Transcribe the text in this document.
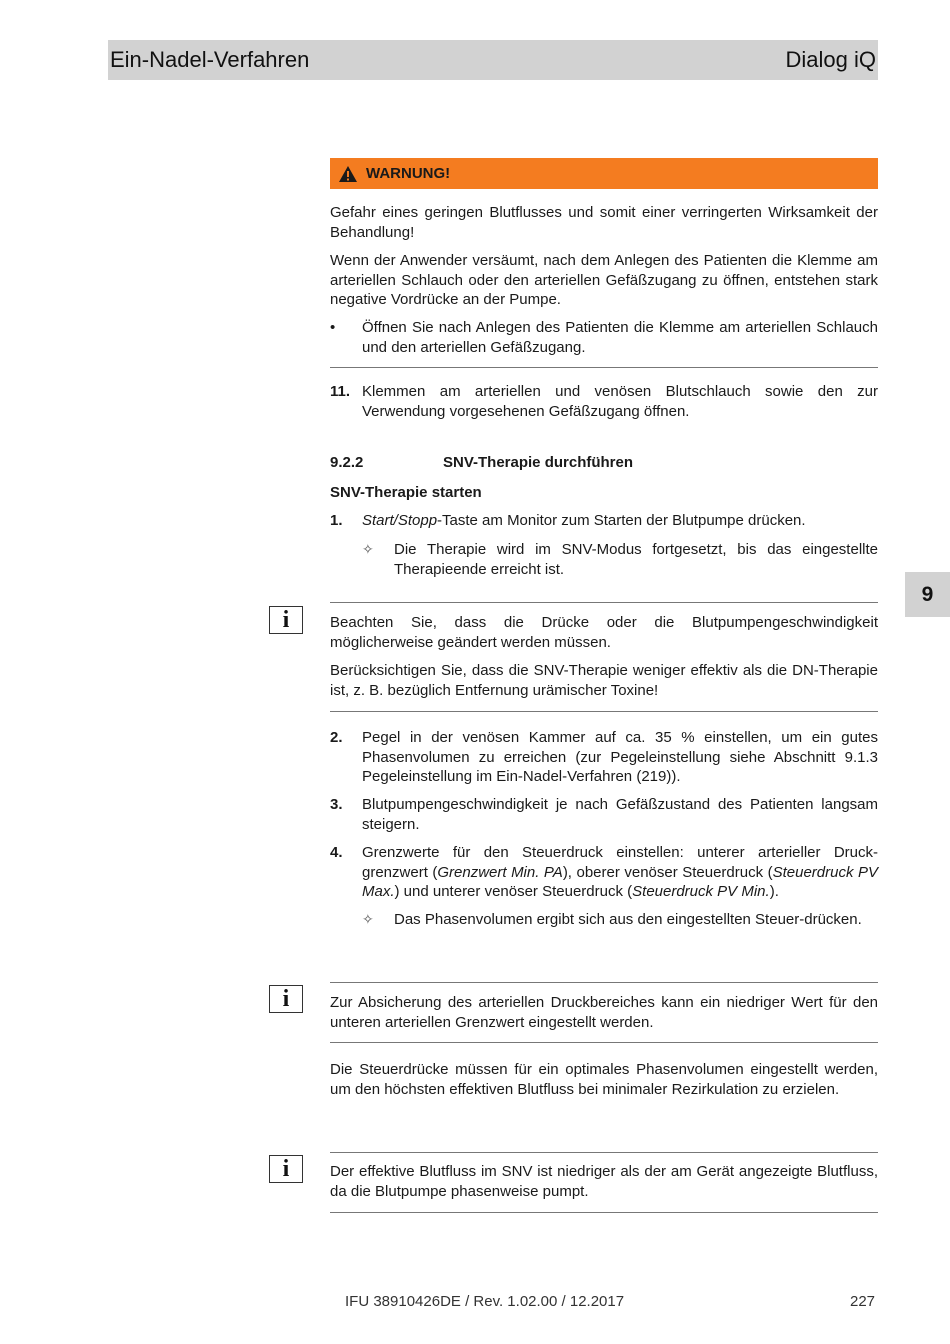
Ein-Nadel-Verfahren	Dialog iQ
9
WARNUNG!

Gefahr eines geringen Blutflusses und somit einer verringerten Wirksamkeit der Behandlung!

Wenn der Anwender versäumt, nach dem Anlegen des Patienten die Klemme am arteriellen Schlauch oder den arteriellen Gefäßzugang zu öffnen, entstehen stark negative Vordrücke an der Pumpe.

• Öffnen Sie nach Anlegen des Patienten die Klemme am arteriellen Schlauch und den arteriellen Gefäßzugang.

11. Klemmen am arteriellen und venösen Blutschlauch sowie den zur Verwendung vorgesehenen Gefäßzugang öffnen.

9.2.2	SNV-Therapie durchführen
SNV-Therapie starten
1. Start/Stopp-Taste am Monitor zum Starten der Blutpumpe drücken.

✧ Die Therapie wird im SNV-Modus fortgesetzt, bis das eingestellte Therapieende erreicht ist.

i	Beachten Sie, dass die Drücke oder die Blutpumpengeschwindigkeit möglicherweise geändert werden müssen.

Berücksichtigen Sie, dass die SNV-Therapie weniger effektiv als die DN-Therapie ist, z. B. bezüglich Entfernung urämischer Toxine!

2. Pegel in der venösen Kammer auf ca. 35 % einstellen, um ein gutes Phasenvolumen zu erreichen (zur Pegeleinstellung siehe Abschnitt 9.1.3 Pegeleinstellung im Ein-Nadel-Verfahren (219)).

3. Blutpumpengeschwindigkeit je nach Gefäßzustand des Patienten langsam steigern.

4. Grenzwerte für den Steuerdruck einstellen: unterer arterieller Druck-grenzwert (Grenzwert Min. PA), oberer venöser Steuerdruck (Steuerdruck PV Max.) und unterer venöser Steuerdruck (Steuerdruck PV Min.).

✧ Das Phasenvolumen ergibt sich aus den eingestellten Steuer-drücken.

i	Zur Absicherung des arteriellen Druckbereiches kann ein niedriger Wert für den unteren arteriellen Grenzwert eingestellt werden.

Die Steuerdrücke müssen für ein optimales Phasenvolumen eingestellt werden, um den höchsten effektiven Blutfluss bei minimaler Rezirkulation zu erzielen.

i	Der effektive Blutfluss im SNV ist niedriger als der am Gerät angezeigte Blutfluss, da die Blutpumpe phasenweise pumpt.

IFU 38910426DE / Rev. 1.02.00 / 12.2017	227
